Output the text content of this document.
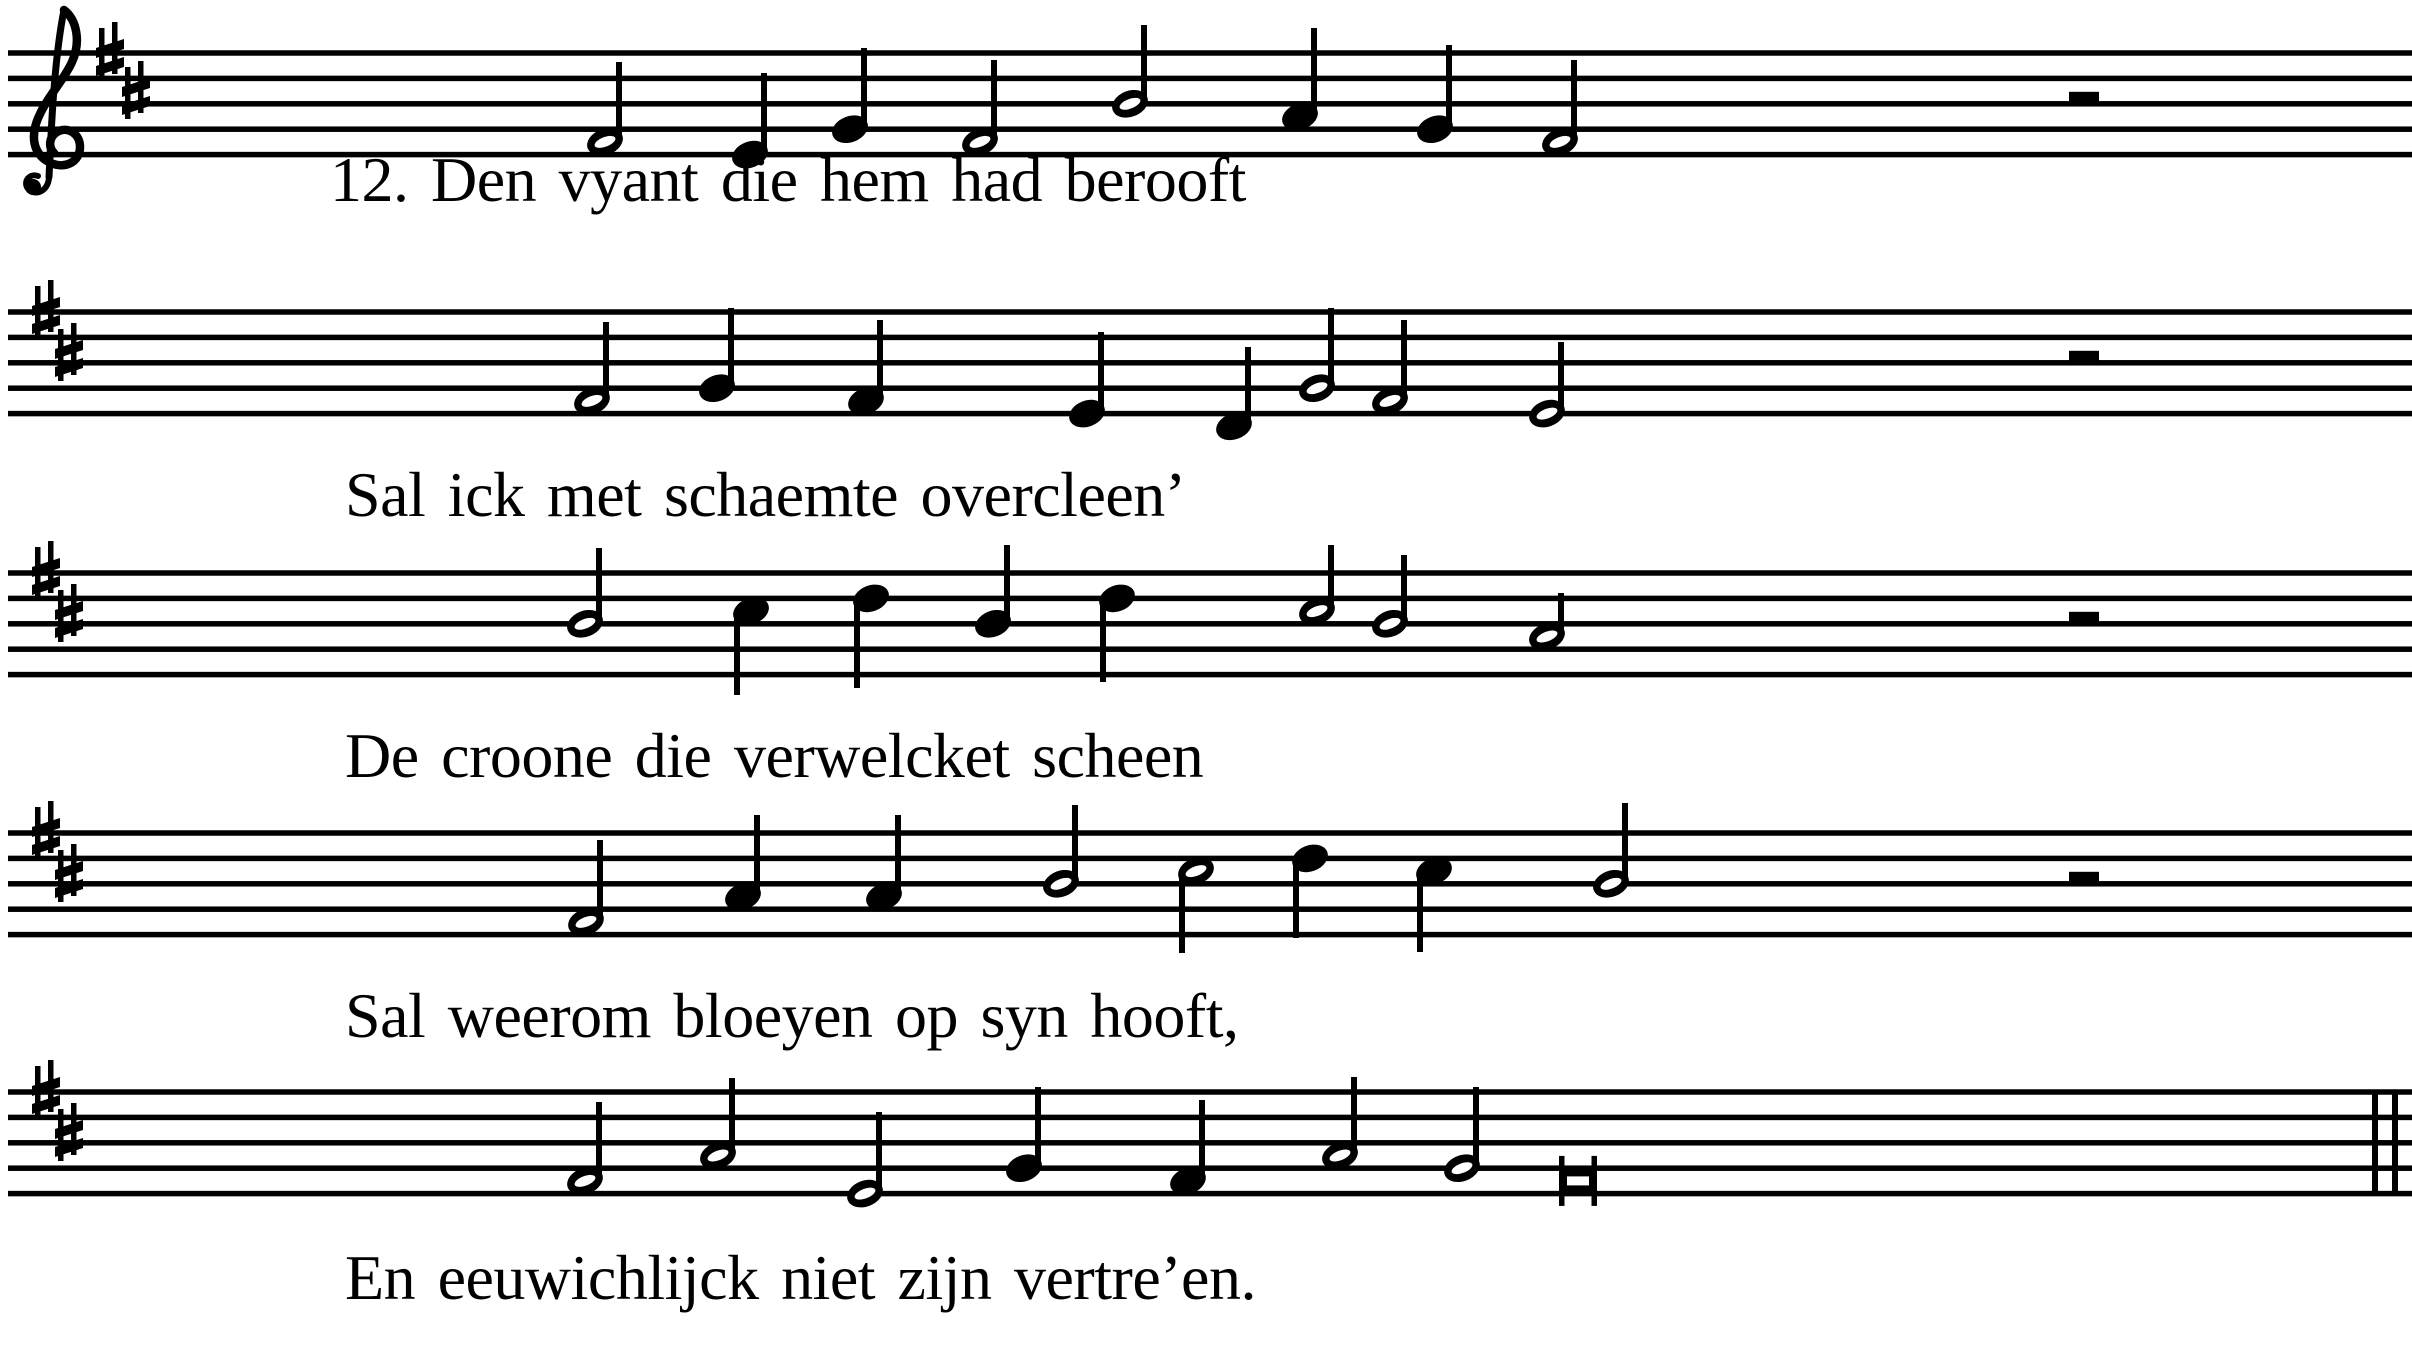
12. Den vyant die hem had berooft
Sal ick met schaemte overcleen’
De croone die verwelcket scheen
Sal weerom bloeyen op syn hooft,
En eeuwichlijck niet zijn vertre’en.
